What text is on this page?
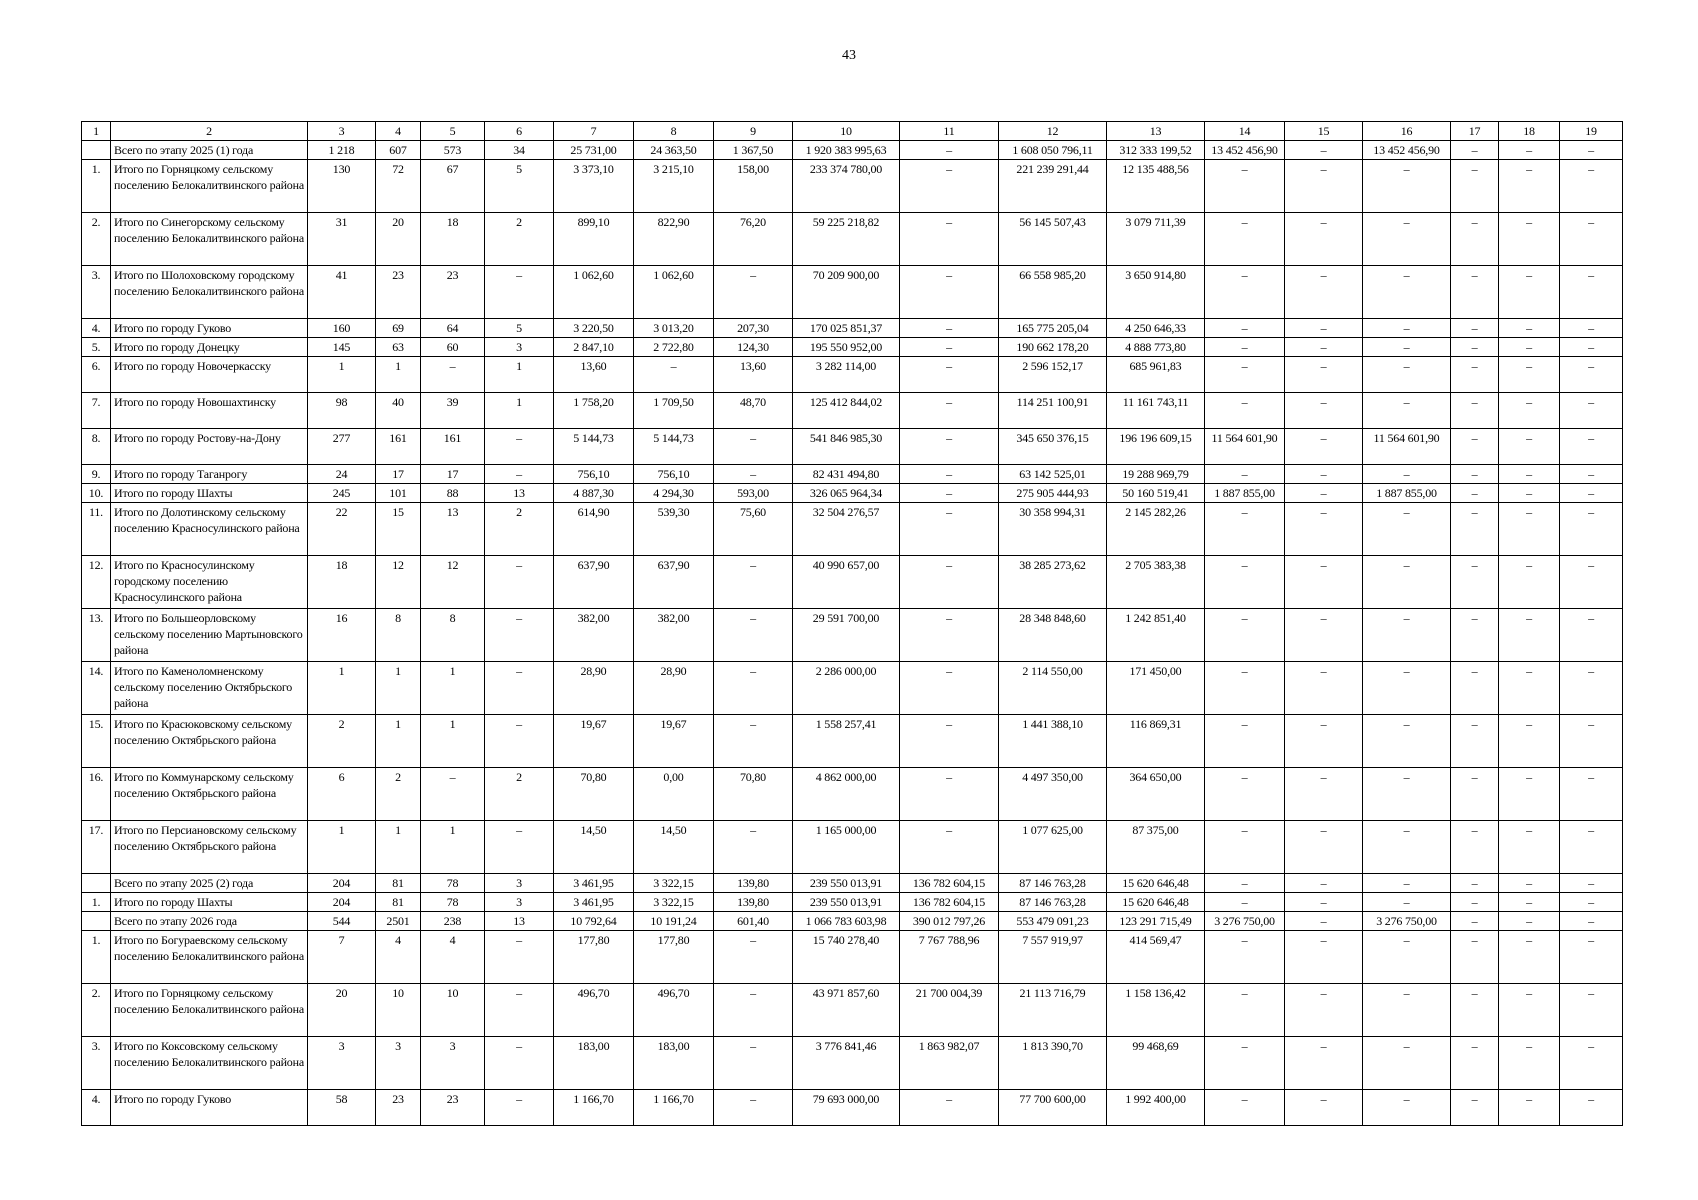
43
1	2	3	4	5	6	7	8	9	10	11	12	13	14	15	16	17	18	19
	Всего по этапу 2025 (1) года	1 218	607	573	34	25 731,00	24 363,50	1 367,50	1 920 383 995,63	–	1 608 050 796,11	312 333 199,52	13 452 456,90	–	13 452 456,90	–	–	–
1.	Итого по Горняцкому сельскому поселению Белокалитвинского района	130	72	67	5	3 373,10	3 215,10	158,00	233 374 780,00	–	221 239 291,44	12 135 488,56	–	–	–	–	–	–
2.	Итого по Синегорскому сельскому поселению Белокалитвинского района	31	20	18	2	899,10	822,90	76,20	59 225 218,82	–	56 145 507,43	3 079 711,39	–	–	–	–	–	–
3.	Итого по Шолоховскому городскому поселению Белокалитвинского района	41	23	23	–	1 062,60	1 062,60	–	70 209 900,00	–	66 558 985,20	3 650 914,80	–	–	–	–	–	–
4.	Итого по городу Гуково	160	69	64	5	3 220,50	3 013,20	207,30	170 025 851,37	–	165 775 205,04	4 250 646,33	–	–	–	–	–	–
5.	Итого по городу Донецку	145	63	60	3	2 847,10	2 722,80	124,30	195 550 952,00	–	190 662 178,20	4 888 773,80	–	–	–	–	–	–
6.	Итого по городу Новочеркасску	1	1	–	1	13,60	–	13,60	3 282 114,00	–	2 596 152,17	685 961,83	–	–	–	–	–	–
7.	Итого по городу Новошахтинску	98	40	39	1	1 758,20	1 709,50	48,70	125 412 844,02	–	114 251 100,91	11 161 743,11	–	–	–	–	–	–
8.	Итого по городу Ростову-на-Дону	277	161	161	–	5 144,73	5 144,73	–	541 846 985,30	–	345 650 376,15	196 196 609,15	11 564 601,90	–	11 564 601,90	–	–	–
9.	Итого по городу Таганрогу	24	17	17	–	756,10	756,10	–	82 431 494,80	–	63 142 525,01	19 288 969,79	–	–	–	–	–	–
10.	Итого по городу Шахты	245	101	88	13	4 887,30	4 294,30	593,00	326 065 964,34	–	275 905 444,93	50 160 519,41	1 887 855,00	–	1 887 855,00	–	–	–
11.	Итого по Долотинскому сельскому поселению Красносулинского района	22	15	13	2	614,90	539,30	75,60	32 504 276,57	–	30 358 994,31	2 145 282,26	–	–	–	–	–	–
12.	Итого по Красносулинскому городскому поселению Красносулинского района	18	12	12	–	637,90	637,90	–	40 990 657,00	–	38 285 273,62	2 705 383,38	–	–	–	–	–	–
13.	Итого по Большеорловскому сельскому поселению Мартыновского района	16	8	8	–	382,00	382,00	–	29 591 700,00	–	28 348 848,60	1 242 851,40	–	–	–	–	–	–
14.	Итого по Каменоломненскому сельскому поселению Октябрьского района	1	1	1	–	28,90	28,90	–	2 286 000,00	–	2 114 550,00	171 450,00	–	–	–	–	–	–
15.	Итого по Красюковскому сельскому поселению Октябрьского района	2	1	1	–	19,67	19,67	–	1 558 257,41	–	1 441 388,10	116 869,31	–	–	–	–	–	–
16.	Итого по Коммунарскому сельскому поселению Октябрьского района	6	2	–	2	70,80	0,00	70,80	4 862 000,00	–	4 497 350,00	364 650,00	–	–	–	–	–	–
17.	Итого по Персиановскому сельскому поселению Октябрьского района	1	1	1	–	14,50	14,50	–	1 165 000,00	–	1 077 625,00	87 375,00	–	–	–	–	–	–
	Всего по этапу 2025 (2) года	204	81	78	3	3 461,95	3 322,15	139,80	239 550 013,91	136 782 604,15	87 146 763,28	15 620 646,48	–	–	–	–	–	–
1.	Итого по городу Шахты	204	81	78	3	3 461,95	3 322,15	139,80	239 550 013,91	136 782 604,15	87 146 763,28	15 620 646,48	–	–	–	–	–	–
	Всего по этапу 2026 года	544	2501	238	13	10 792,64	10 191,24	601,40	1 066 783 603,98	390 012 797,26	553 479 091,23	123 291 715,49	3 276 750,00	–	3 276 750,00	–	–	–
1.	Итого по Богураевскому сельскому поселению Белокалитвинского района	7	4	4	–	177,80	177,80	–	15 740 278,40	7 767 788,96	7 557 919,97	414 569,47	–	–	–	–	–	–
2.	Итого по Горняцкому сельскому поселению Белокалитвинского района	20	10	10	–	496,70	496,70	–	43 971 857,60	21 700 004,39	21 113 716,79	1 158 136,42	–	–	–	–	–	–
3.	Итого по Коксовскому сельскому поселению Белокалитвинского района	3	3	3	–	183,00	183,00	–	3 776 841,46	1 863 982,07	1 813 390,70	99 468,69	–	–	–	–	–	–
4.	Итого по городу Гуково	58	23	23	–	1 166,70	1 166,70	–	79 693 000,00	–	77 700 600,00	1 992 400,00	–	–	–	–	–	–
